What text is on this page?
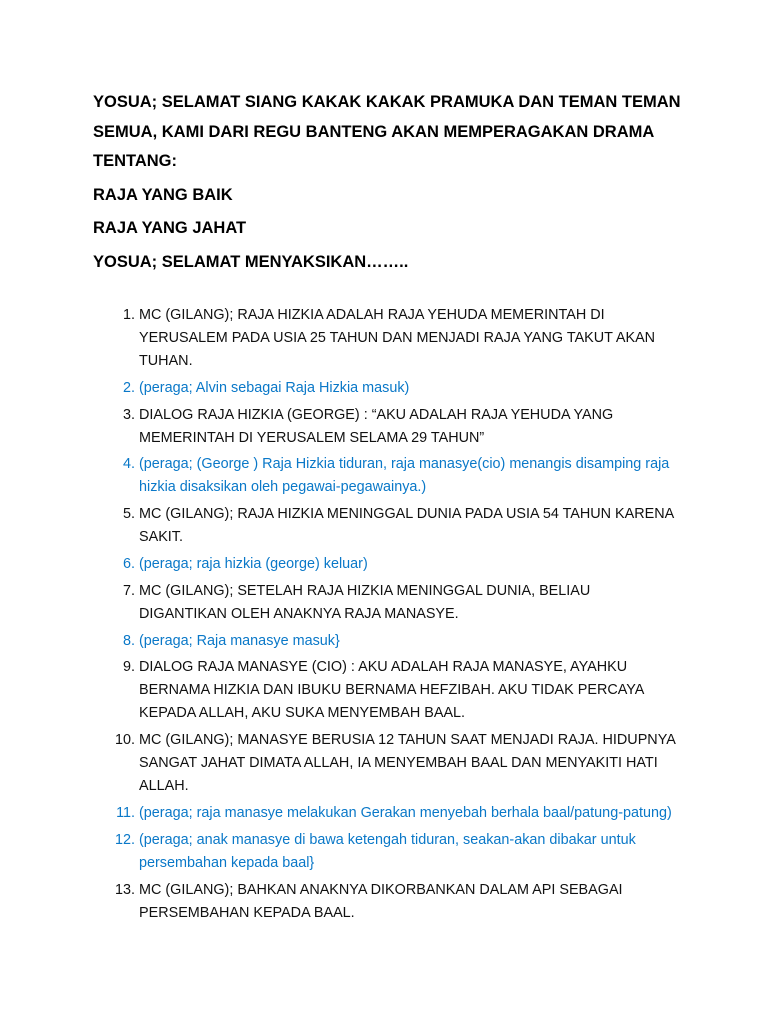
YOSUA; SELAMAT SIANG KAKAK KAKAK PRAMUKA DAN TEMAN TEMAN SEMUA, KAMI DARI REGU BANTENG AKAN MEMPERAGAKAN DRAMA TENTANG:

RAJA YANG BAIK

RAJA YANG JAHAT

YOSUA; SELAMAT MENYAKSIKAN……..

1. MC (GILANG); RAJA HIZKIA ADALAH RAJA YEHUDA MEMERINTAH DI YERUSALEM PADA USIA 25 TAHUN DAN MENJADI RAJA YANG TAKUT AKAN TUHAN.
2. (peraga; Alvin sebagai Raja Hizkia masuk)
3. DIALOG RAJA HIZKIA (GEORGE) : “AKU ADALAH RAJA YEHUDA YANG MEMERINTAH DI YERUSALEM SELAMA 29 TAHUN”
4. (peraga; (George ) Raja Hizkia tiduran, raja manasye(cio) menangis disamping raja hizkia disaksikan oleh pegawai-pegawainya.)
5. MC (GILANG); RAJA HIZKIA MENINGGAL DUNIA PADA USIA 54 TAHUN KARENA SAKIT.
6. (peraga; raja hizkia (george) keluar)
7. MC (GILANG); SETELAH RAJA HIZKIA MENINGGAL DUNIA, BELIAU DIGANTIKAN OLEH ANAKNYA RAJA MANASYE.
8. (peraga; Raja manasye masuk}
9. DIALOG RAJA MANASYE (CIO) : AKU ADALAH RAJA MANASYE, AYAHKU BERNAMA HIZKIA DAN IBUKU BERNAMA HEFZIBAH. AKU TIDAK PERCAYA KEPADA ALLAH, AKU SUKA MENYEMBAH BAAL.
10. MC (GILANG); MANASYE BERUSIA 12 TAHUN SAAT MENJADI RAJA. HIDUPNYA SANGAT JAHAT DIMATA ALLAH, IA MENYEMBAH BAAL DAN MENYAKITI HATI ALLAH.
11. (peraga; raja manasye melakukan Gerakan menyebah berhala baal/patung-patung)
12. (peraga; anak manasye di bawa ketengah tiduran, seakan-akan dibakar untuk persembahan kepada baal}
13. MC (GILANG); BAHKAN ANAKNYA DIKORBANKAN DALAM API SEBAGAI PERSEMBAHAN KEPADA BAAL.
